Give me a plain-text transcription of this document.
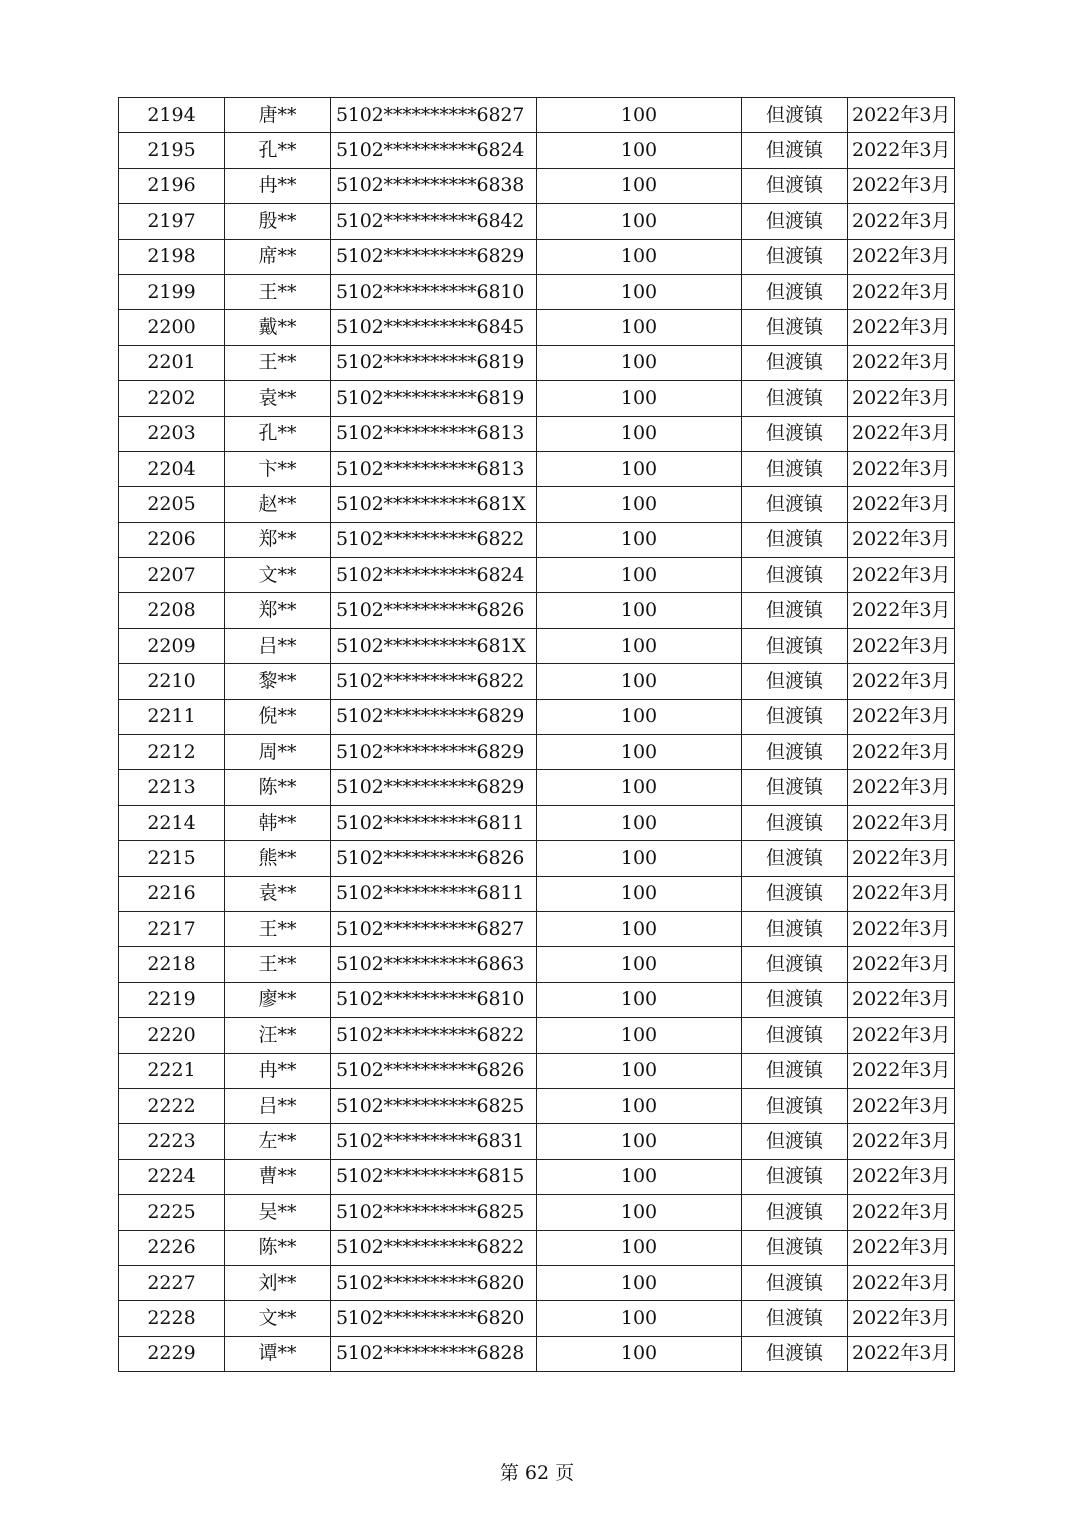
2194	唐**	5102**********6827	100	但渡镇	2022年3月
2195	孔**	5102**********6824	100	但渡镇	2022年3月
2196	冉**	5102**********6838	100	但渡镇	2022年3月
2197	殷**	5102**********6842	100	但渡镇	2022年3月
2198	席**	5102**********6829	100	但渡镇	2022年3月
2199	王**	5102**********6810	100	但渡镇	2022年3月
2200	戴**	5102**********6845	100	但渡镇	2022年3月
2201	王**	5102**********6819	100	但渡镇	2022年3月
2202	袁**	5102**********6819	100	但渡镇	2022年3月
2203	孔**	5102**********6813	100	但渡镇	2022年3月
2204	卞**	5102**********6813	100	但渡镇	2022年3月
2205	赵**	5102**********681X	100	但渡镇	2022年3月
2206	郑**	5102**********6822	100	但渡镇	2022年3月
2207	文**	5102**********6824	100	但渡镇	2022年3月
2208	郑**	5102**********6826	100	但渡镇	2022年3月
2209	吕**	5102**********681X	100	但渡镇	2022年3月
2210	黎**	5102**********6822	100	但渡镇	2022年3月
2211	倪**	5102**********6829	100	但渡镇	2022年3月
2212	周**	5102**********6829	100	但渡镇	2022年3月
2213	陈**	5102**********6829	100	但渡镇	2022年3月
2214	韩**	5102**********6811	100	但渡镇	2022年3月
2215	熊**	5102**********6826	100	但渡镇	2022年3月
2216	袁**	5102**********6811	100	但渡镇	2022年3月
2217	王**	5102**********6827	100	但渡镇	2022年3月
2218	王**	5102**********6863	100	但渡镇	2022年3月
2219	廖**	5102**********6810	100	但渡镇	2022年3月
2220	汪**	5102**********6822	100	但渡镇	2022年3月
2221	冉**	5102**********6826	100	但渡镇	2022年3月
2222	吕**	5102**********6825	100	但渡镇	2022年3月
2223	左**	5102**********6831	100	但渡镇	2022年3月
2224	曹**	5102**********6815	100	但渡镇	2022年3月
2225	吴**	5102**********6825	100	但渡镇	2022年3月
2226	陈**	5102**********6822	100	但渡镇	2022年3月
2227	刘**	5102**********6820	100	但渡镇	2022年3月
2228	文**	5102**********6820	100	但渡镇	2022年3月
2229	谭**	5102**********6828	100	但渡镇	2022年3月
第 62 页
